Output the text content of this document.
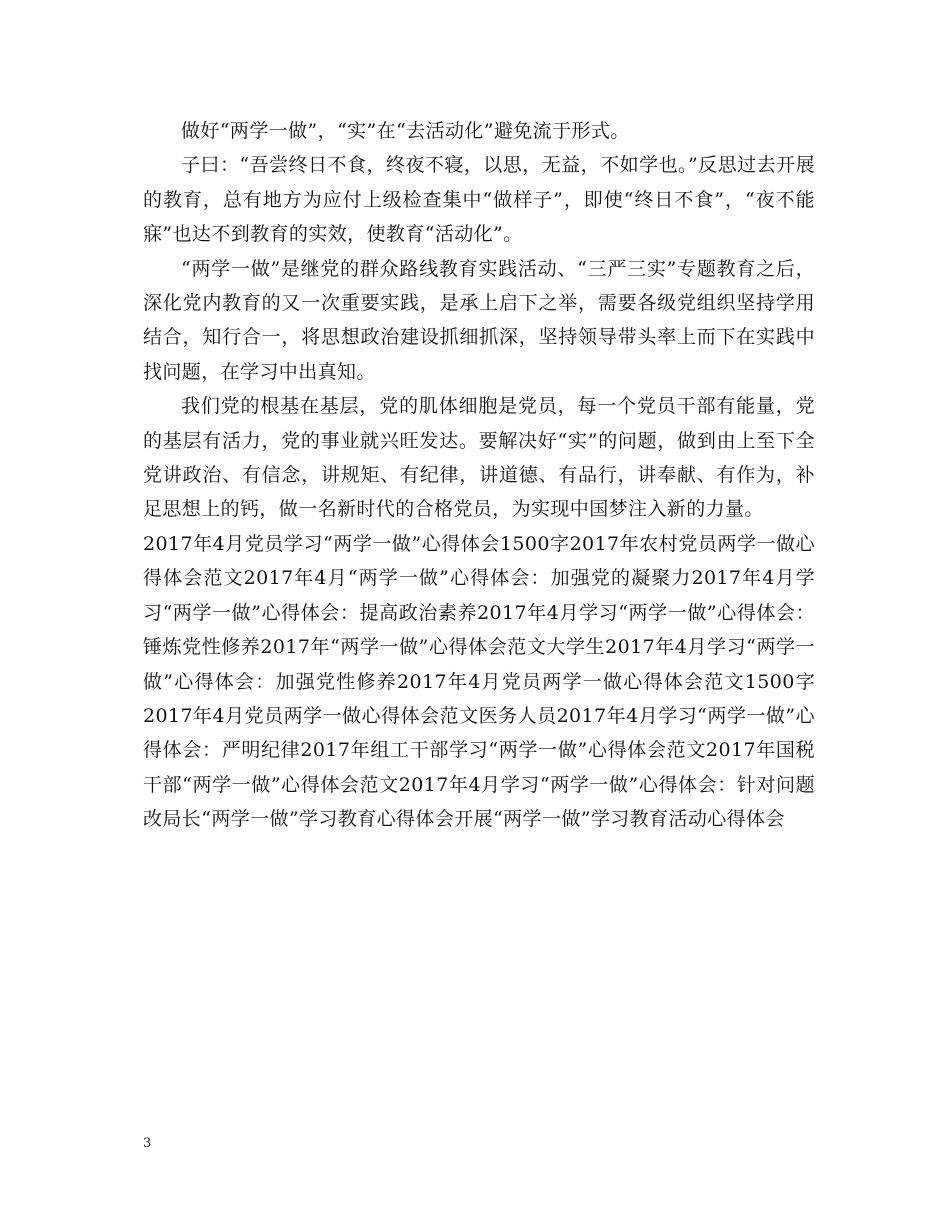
做好“两学一做”，“实”在“去活动化”避免流于形式。

子曰：“吾尝终日不食，终夜不寝，以思，无益，不如学也。”反思过去开展的教育，总有地方为应付上级检查集中“做样子”，即使“终日不食”，“夜不能寐”也达不到教育的实效，使教育“活动化”。

“两学一做”是继党的群众路线教育实践活动、“三严三实”专题教育之后，深化党内教育的又一次重要实践，是承上启下之举，需要各级党组织坚持学用结合，知行合一，将思想政治建设抓细抓深，坚持领导带头率上而下在实践中找问题，在学习中出真知。

我们党的根基在基层，党的肌体细胞是党员，每一个党员干部有能量，党的基层有活力，党的事业就兴旺发达。要解决好“实”的问题，做到由上至下全党讲政治、有信念，讲规矩、有纪律，讲道德、有品行，讲奉献、有作为，补足思想上的钙，做一名新时代的合格党员，为实现中国梦注入新的力量。

2017年4月党员学习“两学一做”心得体会1500字2017年农村党员两学一做心得体会范文2017年4月“两学一做”心得体会：加强党的凝聚力2017年4月学习“两学一做”心得体会：提高政治素养2017年4月学习“两学一做”心得体会：锤炼党性修养2017年“两学一做”心得体会范文大学生2017年4月学习“两学一做”心得体会：加强党性修养2017年4月党员两学一做心得体会范文1500字2017年4月党员两学一做心得体会范文医务人员2017年4月学习“两学一做”心得体会：严明纪律2017年组工干部学习“两学一做”心得体会范文2017年国税干部“两学一做”心得体会范文2017年4月学习“两学一做”心得体会：针对问题改局长“两学一做”学习教育心得体会开展“两学一做”学习教育活动心得体会

3
